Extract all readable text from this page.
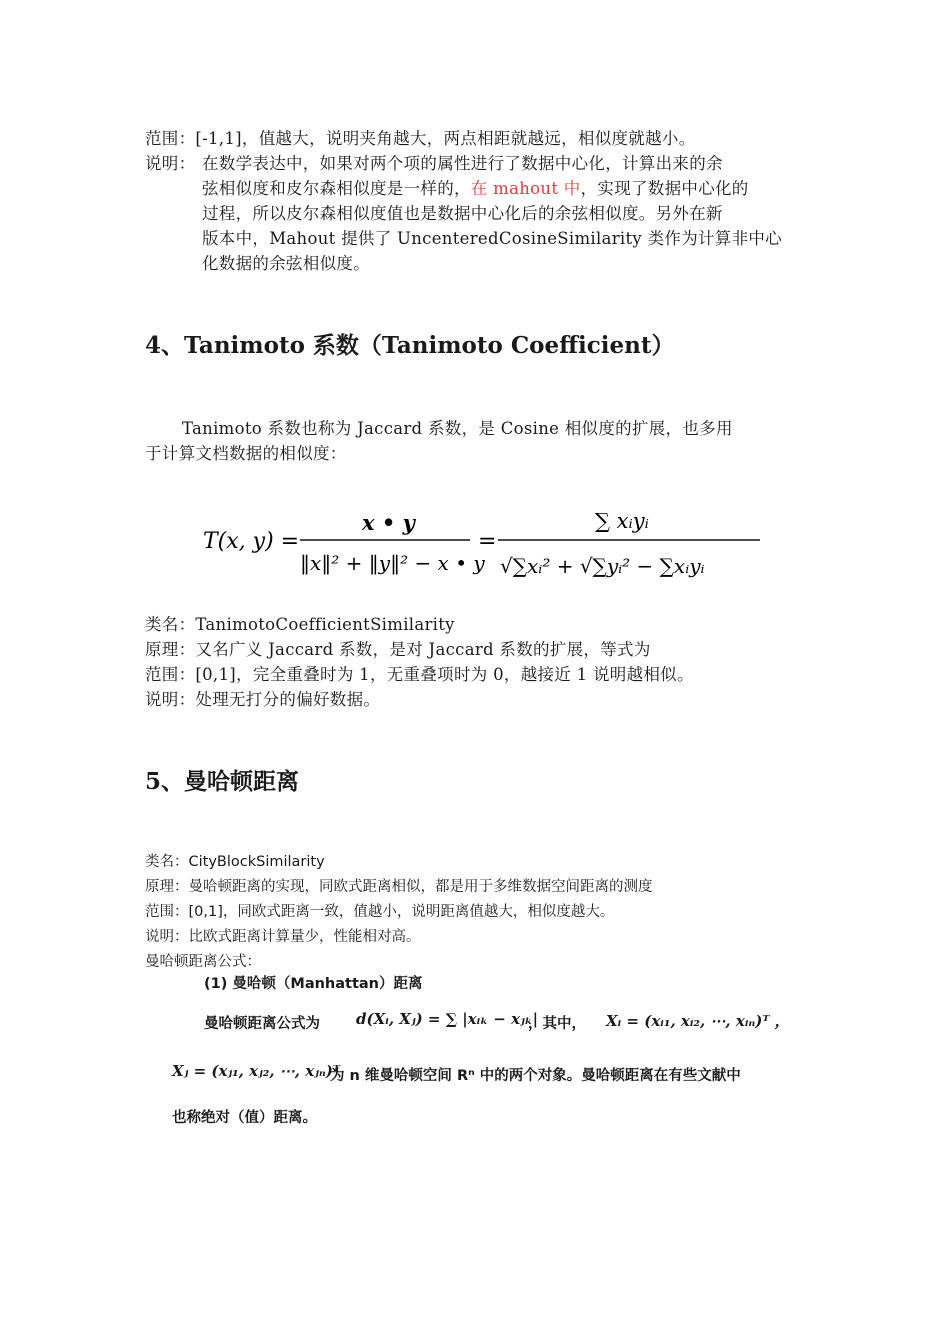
范围：[-1,1]，值越大，说明夹角越大，两点相距就越远，相似度就越小。
说明： 在数学表达中，如果对两个项的属性进行了数据中心化，计算出来的余
弦相似度和皮尔森相似度是一样的，在 mahout 中，实现了数据中心化的
过程，所以皮尔森相似度值也是数据中心化后的余弦相似度。另外在新
版本中，Mahout 提供了 UncenteredCosineSimilarity 类作为计算非中心
化数据的余弦相似度。
4、Tanimoto 系数（Tanimoto Coefficient）
Tanimoto 系数也称为 Jaccard 系数，是 Cosine 相似度的扩展，也多用
于计算文档数据的相似度：
T(x, y) =
x • y
‖x‖² + ‖y‖² − x • y
=
∑ xᵢyᵢ
√∑xᵢ² + √∑yᵢ² − ∑xᵢyᵢ
类名：TanimotoCoefficientSimilarity
原理：又名广义 Jaccard 系数，是对 Jaccard 系数的扩展，等式为
范围：[0,1]，完全重叠时为 1，无重叠项时为 0，越接近 1 说明越相似。
说明：处理无打分的偏好数据。
5、曼哈顿距离
类名：CityBlockSimilarity
原理：曼哈顿距离的实现，同欧式距离相似，都是用于多维数据空间距离的测度
范围：[0,1]，同欧式距离一致，值越小，说明距离值越大，相似度越大。
说明：比欧式距离计算量少，性能相对高。
曼哈顿距离公式：
(1) 曼哈顿（Manhattan）距离
曼哈顿距离公式为 d(Xᵢ, Xⱼ) = ∑ |xᵢₖ − xⱼₖ|
，其中， Xᵢ = (xᵢ₁, xᵢ₂, ⋯, xᵢₙ)ᵀ ，
Xⱼ = (xⱼ₁, xⱼ₂, ⋯, xⱼₙ)ᵀ
为 n 维曼哈顿空间 Rⁿ 中的两个对象。曼哈顿距离在有些文献中
也称绝对（值）距离。
